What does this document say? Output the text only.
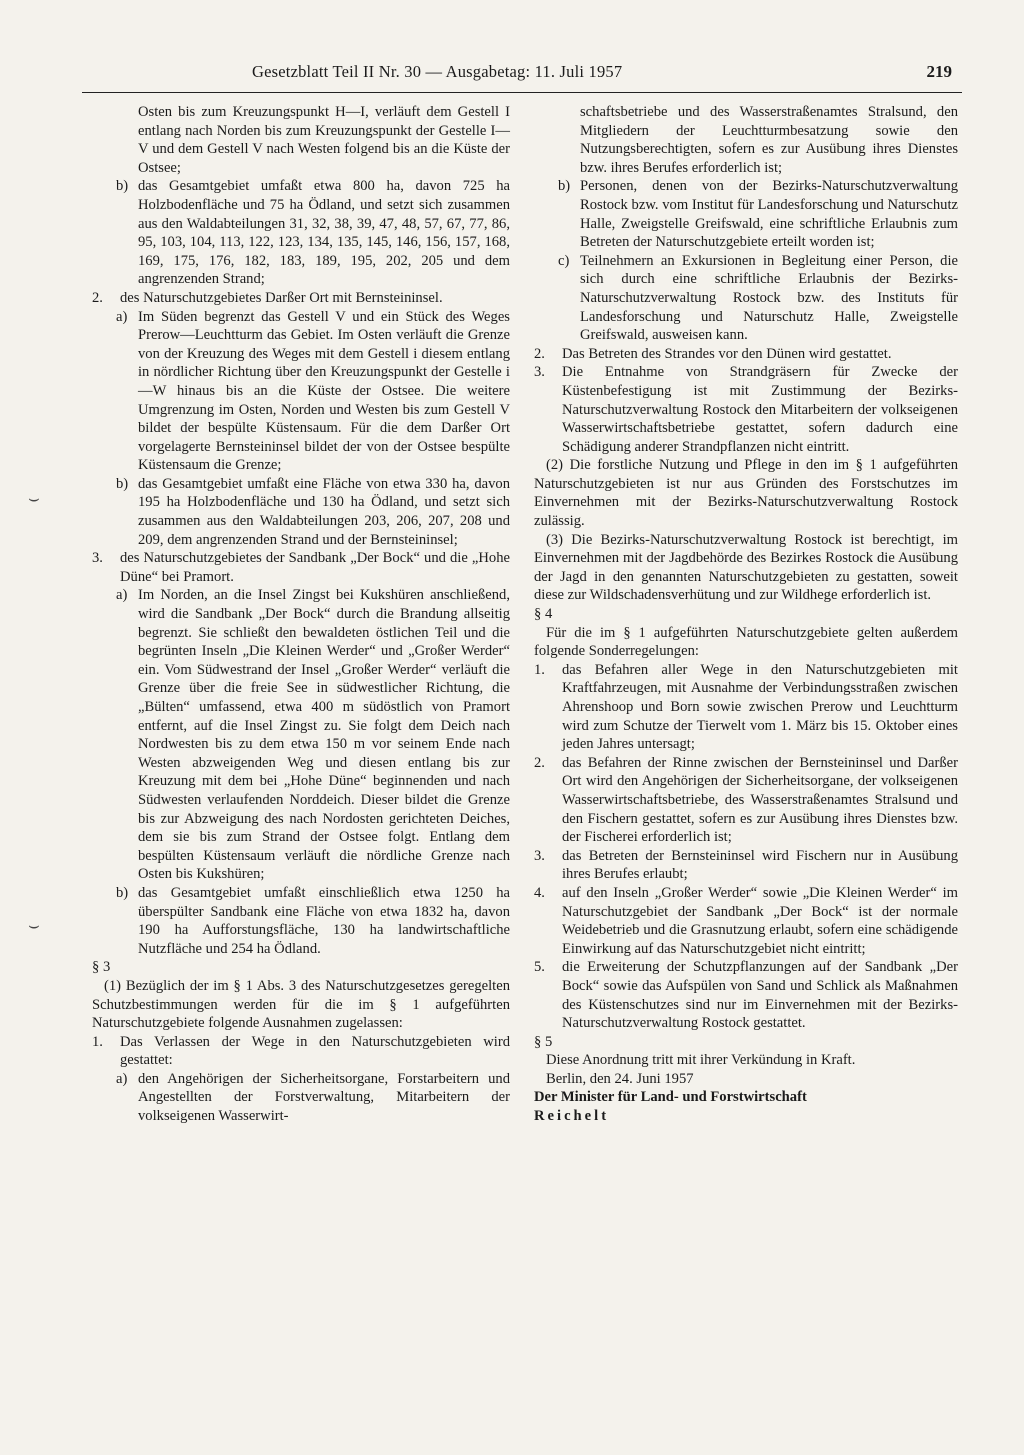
Gesetzblatt Teil II Nr. 30 — Ausgabetag: 11. Juli 1957	219
⌣
⌣
Osten bis zum Kreuzungspunkt H—I, verläuft dem Gestell I entlang nach Norden bis zum Kreuzungspunkt der Gestelle I—V und dem Gestell V nach Westen folgend bis an die Küste der Ostsee;
b) das Gesamtgebiet umfaßt etwa 800 ha, davon 725 ha Holzbodenfläche und 75 ha Ödland, und setzt sich zusammen aus den Waldabteilungen 31, 32, 38, 39, 47, 48, 57, 67, 77, 86, 95, 103, 104, 113, 122, 123, 134, 135, 145, 146, 156, 157, 168, 169, 175, 176, 182, 183, 189, 195, 202, 205 und dem angrenzenden Strand;
2. des Naturschutzgebietes Darßer Ort mit Bernsteininsel.
a) Im Süden begrenzt das Gestell V und ein Stück des Weges Prerow—Leuchtturm das Gebiet. Im Osten verläuft die Grenze von der Kreuzung des Weges mit dem Gestell i diesem entlang in nördlicher Richtung über den Kreuzungspunkt der Gestelle i—W hinaus bis an die Küste der Ostsee. Die weitere Umgrenzung im Osten, Norden und Westen bis zum Gestell V bildet der bespülte Küstensaum. Für die dem Darßer Ort vorgelagerte Bernsteininsel bildet der von der Ostsee bespülte Küstensaum die Grenze;
b) das Gesamtgebiet umfaßt eine Fläche von etwa 330 ha, davon 195 ha Holzbodenfläche und 130 ha Ödland, und setzt sich zusammen aus den Waldabteilungen 203, 206, 207, 208 und 209, dem angrenzenden Strand und der Bernsteininsel;
3. des Naturschutzgebietes der Sandbank „Der Bock“ und die „Hohe Düne“ bei Pramort.
a) Im Norden, an die Insel Zingst bei Kukshüren anschließend, wird die Sandbank „Der Bock“ durch die Brandung allseitig begrenzt. Sie schließt den bewaldeten östlichen Teil und die begrünten Inseln „Die Kleinen Werder“ und „Großer Werder“ ein. Vom Südwestrand der Insel „Großer Werder“ verläuft die Grenze über die freie See in südwestlicher Richtung, die „Bülten“ umfassend, etwa 400 m südöstlich von Pramort entfernt, auf die Insel Zingst zu. Sie folgt dem Deich nach Nordwesten bis zu dem etwa 150 m vor seinem Ende nach Westen abzweigenden Weg und diesen entlang bis zur Kreuzung mit dem bei „Hohe Düne“ beginnenden und nach Südwesten verlaufenden Norddeich. Dieser bildet die Grenze bis zur Abzweigung des nach Nordosten gerichteten Deiches, dem sie bis zum Strand der Ostsee folgt. Entlang dem bespülten Küstensaum verläuft die nördliche Grenze nach Osten bis Kukshüren;
b) das Gesamtgebiet umfaßt einschließlich etwa 1250 ha überspülter Sandbank eine Fläche von etwa 1832 ha, davon 190 ha Aufforstungsfläche, 130 ha landwirtschaftliche Nutzfläche und 254 ha Ödland.

§ 3

(1) Bezüglich der im § 1 Abs. 3 des Naturschutzgesetzes geregelten Schutzbestimmungen werden für die im § 1 aufgeführten Naturschutzgebiete folgende Ausnahmen zugelassen:

1. Das Verlassen der Wege in den Naturschutzgebieten wird gestattet:
a) den Angehörigen der Sicherheitsorgane, Forstarbeitern und Angestellten der Forstverwaltung, Mitarbeitern der volkseigenen Wasserwirt-
schaftsbetriebe und des Wasserstraßenamtes Stralsund, den Mitgliedern der Leuchtturmbesatzung sowie den Nutzungsberechtigten, sofern es zur Ausübung ihres Dienstes bzw. ihres Berufes erforderlich ist;
b) Personen, denen von der Bezirks-Naturschutzverwaltung Rostock bzw. vom Institut für Landesforschung und Naturschutz Halle, Zweigstelle Greifswald, eine schriftliche Erlaubnis zum Betreten der Naturschutzgebiete erteilt worden ist;
c) Teilnehmern an Exkursionen in Begleitung einer Person, die sich durch eine schriftliche Erlaubnis der Bezirks-Naturschutzverwaltung Rostock bzw. des Instituts für Landesforschung und Naturschutz Halle, Zweigstelle Greifswald, ausweisen kann.
2. Das Betreten des Strandes vor den Dünen wird gestattet.
3. Die Entnahme von Strandgräsern für Zwecke der Küstenbefestigung ist mit Zustimmung der Bezirks-Naturschutzverwaltung Rostock den Mitarbeitern der volkseigenen Wasserwirtschaftsbetriebe gestattet, sofern dadurch eine Schädigung anderer Strandpflanzen nicht eintritt.

(2) Die forstliche Nutzung und Pflege in den im § 1 aufgeführten Naturschutzgebieten ist nur aus Gründen des Forstschutzes im Einvernehmen mit der Bezirks-Naturschutzverwaltung Rostock zulässig.

(3) Die Bezirks-Naturschutzverwaltung Rostock ist berechtigt, im Einvernehmen mit der Jagdbehörde des Bezirkes Rostock die Ausübung der Jagd in den genannten Naturschutzgebieten zu gestatten, soweit diese zur Wildschadensverhütung und zur Wildhege erforderlich ist.

§ 4

Für die im § 1 aufgeführten Naturschutzgebiete gelten außerdem folgende Sonderregelungen:

1. das Befahren aller Wege in den Naturschutzgebieten mit Kraftfahrzeugen, mit Ausnahme der Verbindungsstraßen zwischen Ahrenshoop und Born sowie zwischen Prerow und Leuchtturm wird zum Schutze der Tierwelt vom 1. März bis 15. Oktober eines jeden Jahres untersagt;
2. das Befahren der Rinne zwischen der Bernsteininsel und Darßer Ort wird den Angehörigen der Sicherheitsorgane, der volkseigenen Wasserwirtschaftsbetriebe, des Wasserstraßenamtes Stralsund und den Fischern gestattet, sofern es zur Ausübung ihres Dienstes bzw. der Fischerei erforderlich ist;
3. das Betreten der Bernsteininsel wird Fischern nur in Ausübung ihres Berufes erlaubt;
4. auf den Inseln „Großer Werder“ sowie „Die Kleinen Werder“ im Naturschutzgebiet der Sandbank „Der Bock“ ist der normale Weidebetrieb und die Grasnutzung erlaubt, sofern eine schädigende Einwirkung auf das Naturschutzgebiet nicht eintritt;
5. die Erweiterung der Schutzpflanzungen auf der Sandbank „Der Bock“ sowie das Aufspülen von Sand und Schlick als Maßnahmen des Küstenschutzes sind nur im Einvernehmen mit der Bezirks-Naturschutzverwaltung Rostock gestattet.

§ 5

Diese Anordnung tritt mit ihrer Verkündung in Kraft.

Berlin, den 24. Juni 1957

Der Minister für Land- und Forstwirtschaft

Reichelt
